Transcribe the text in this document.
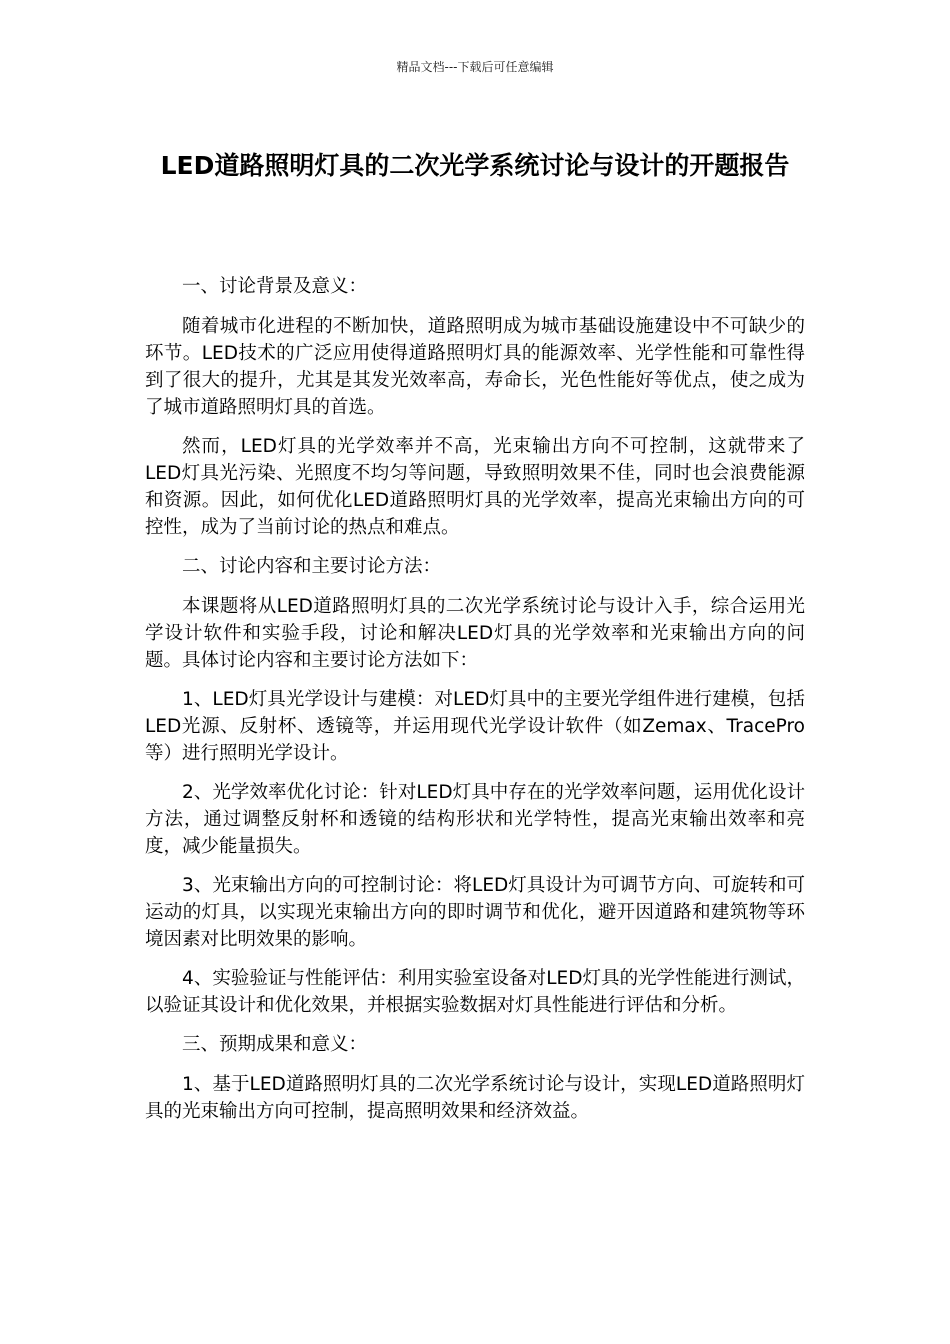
精品文档---下载后可任意编辑
LED道路照明灯具的二次光学系统讨论与设计的开题报告

一、讨论背景及意义：

随着城市化进程的不断加快，道路照明成为城市基础设施建设中不可缺少的环节。LED技术的广泛应用使得道路照明灯具的能源效率、光学性能和可靠性得到了很大的提升，尤其是其发光效率高，寿命长，光色性能好等优点，使之成为了城市道路照明灯具的首选。

然而，LED灯具的光学效率并不高，光束输出方向不可控制，这就带来了LED灯具光污染、光照度不均匀等问题，导致照明效果不佳，同时也会浪费能源和资源。因此，如何优化LED道路照明灯具的光学效率，提高光束输出方向的可控性，成为了当前讨论的热点和难点。

二、讨论内容和主要讨论方法：

本课题将从LED道路照明灯具的二次光学系统讨论与设计入手，综合运用光学设计软件和实验手段，讨论和解决LED灯具的光学效率和光束输出方向的问题。具体讨论内容和主要讨论方法如下：

1、LED灯具光学设计与建模：对LED灯具中的主要光学组件进行建模，包括LED光源、反射杯、透镜等，并运用现代光学设计软件（如Zemax、TracePro等）进行照明光学设计。

2、光学效率优化讨论：针对LED灯具中存在的光学效率问题，运用优化设计方法，通过调整反射杯和透镜的结构形状和光学特性，提高光束输出效率和亮度，减少能量损失。

3、光束输出方向的可控制讨论：将LED灯具设计为可调节方向、可旋转和可运动的灯具，以实现光束输出方向的即时调节和优化，避开因道路和建筑物等环境因素对比明效果的影响。

4、实验验证与性能评估：利用实验室设备对LED灯具的光学性能进行测试，以验证其设计和优化效果，并根据实验数据对灯具性能进行评估和分析。

三、预期成果和意义：

1、基于LED道路照明灯具的二次光学系统讨论与设计，实现LED道路照明灯具的光束输出方向可控制，提高照明效果和经济效益。
